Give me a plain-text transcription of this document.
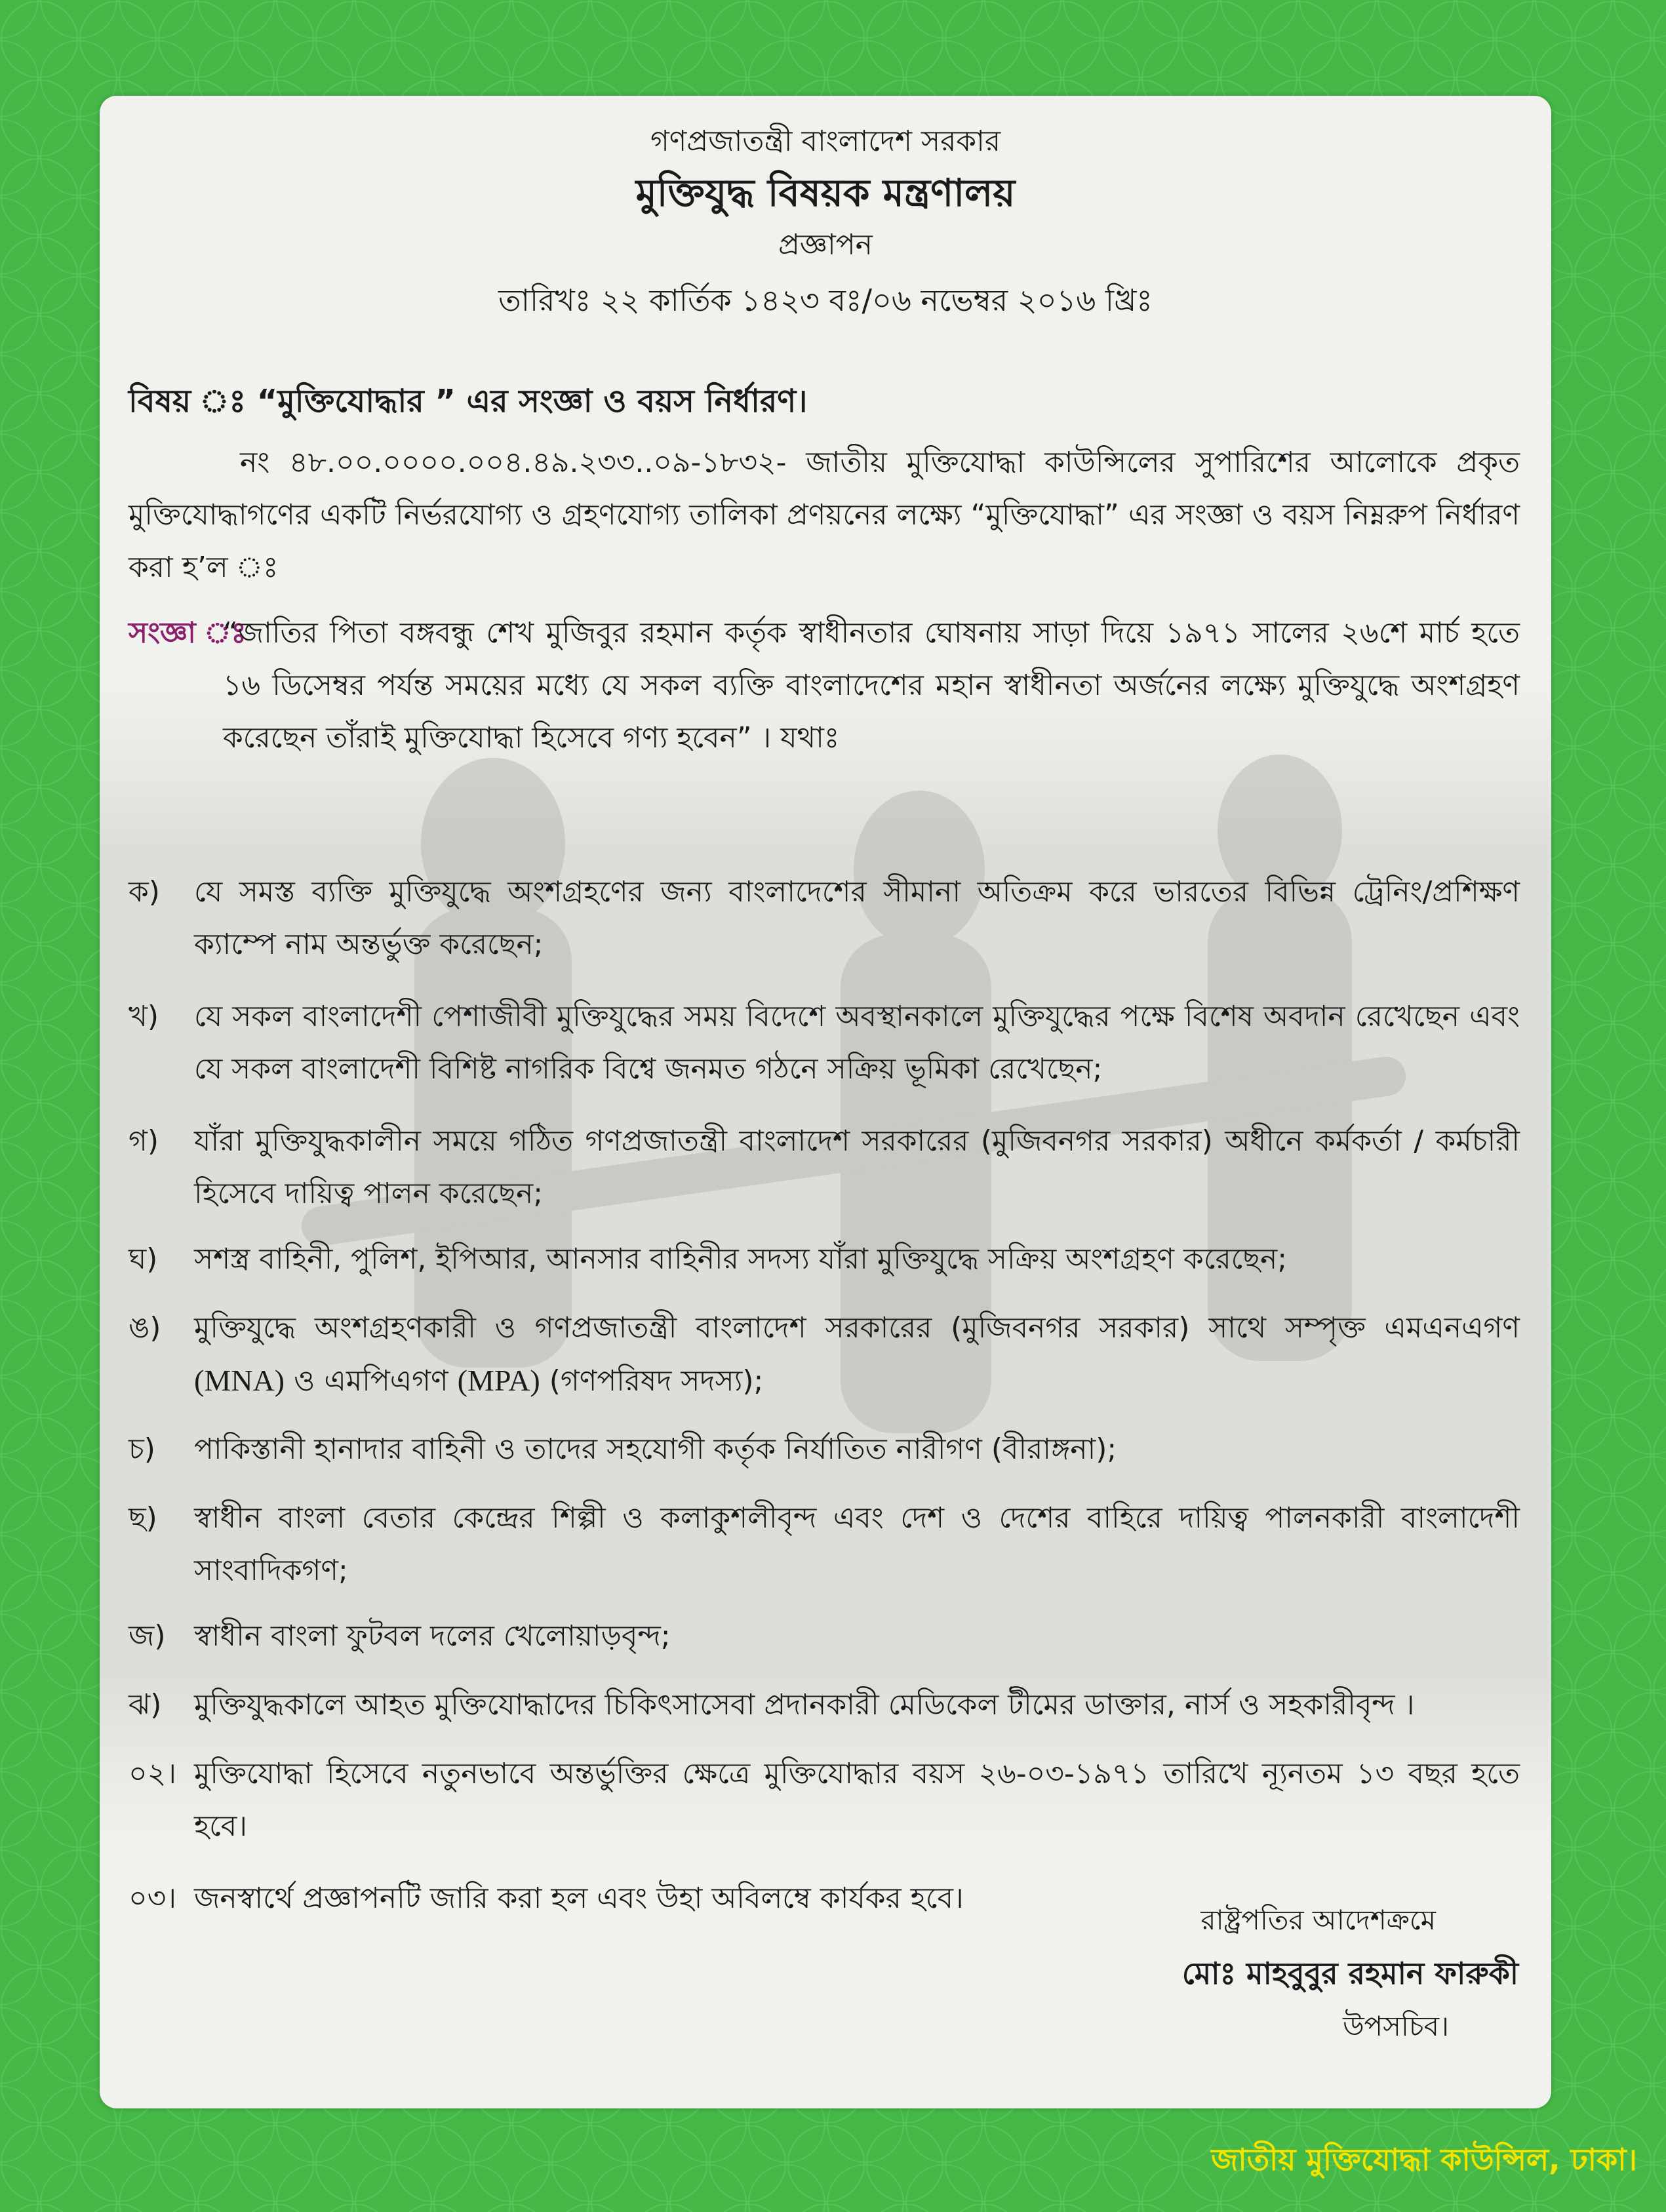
গণপ্রজাতন্ত্রী বাংলাদেশ সরকার
মুক্তিযুদ্ধ বিষয়ক মন্ত্রণালয়
প্রজ্ঞাপন
তারিখঃ ২২ কার্তিক ১৪২৩ বঃ/০৬ নভেম্বর ২০১৬ খ্রিঃ
বিষয় ঃ “মুক্তিযোদ্ধার ” এর সংজ্ঞা ও বয়স নির্ধারণ।
নং ৪৮.০০.০০০০.০০৪.৪৯.২৩৩..০৯-১৮৩২- জাতীয় মুক্তিযোদ্ধা কাউন্সিলের সুপারিশের আলোকে প্রকৃত মুক্তিযোদ্ধাগণের একটি নির্ভরযোগ্য ও গ্রহণযোগ্য তালিকা প্রণয়নের লক্ষ্যে “মুক্তিযোদ্ধা” এর সংজ্ঞা ও বয়স নিম্নরুপ নির্ধারণ করা হ’ল ঃ
সংজ্ঞা ঃ
“জাতির পিতা বঙ্গবন্ধু শেখ মুজিবুর রহমান কর্তৃক স্বাধীনতার ঘোষনায় সাড়া দিয়ে ১৯৭১ সালের ২৬শে মার্চ হতে ১৬ ডিসেম্বর পর্যন্ত সময়ের মধ্যে যে সকল ব্যক্তি বাংলাদেশের মহান স্বাধীনতা অর্জনের লক্ষ্যে মুক্তিযুদ্ধে অংশগ্রহণ করেছেন তাঁরাই মুক্তিযোদ্ধা হিসেবে গণ্য হবেন” । যথাঃ
ক) যে সমস্ত ব্যক্তি মুক্তিযুদ্ধে অংশগ্রহণের জন্য বাংলাদেশের সীমানা অতিক্রম করে ভারতের বিভিন্ন ট্রেনিং/প্রশিক্ষণ ক্যাম্পে নাম অন্তর্ভুক্ত করেছেন;
খ) যে সকল বাংলাদেশী পেশাজীবী মুক্তিযুদ্ধের সময় বিদেশে অবস্থানকালে মুক্তিযুদ্ধের পক্ষে বিশেষ অবদান রেখেছেন এবং যে সকল বাংলাদেশী বিশিষ্ট নাগরিক বিশ্বে জনমত গঠনে সক্রিয় ভূমিকা রেখেছেন;
গ) যাঁরা মুক্তিযুদ্ধকালীন সময়ে গঠিত গণপ্রজাতন্ত্রী বাংলাদেশ সরকারের (মুজিবনগর সরকার) অধীনে কর্মকর্তা / কর্মচারী হিসেবে দায়িত্ব পালন করেছেন;
ঘ) সশস্ত্র বাহিনী, পুলিশ, ইপিআর, আনসার বাহিনীর সদস্য যাঁরা মুক্তিযুদ্ধে সক্রিয় অংশগ্রহণ করেছেন;
ঙ) মুক্তিযুদ্ধে অংশগ্রহণকারী ও গণপ্রজাতন্ত্রী বাংলাদেশ সরকারের (মুজিবনগর সরকার) সাথে সম্পৃক্ত এমএনএগণ (MNA) ও এমপিএগণ (MPA) (গণপরিষদ সদস্য);
চ) পাকিস্তানী হানাদার বাহিনী ও তাদের সহযোগী কর্তৃক নির্যাতিত নারীগণ (বীরাঙ্গনা);
ছ) স্বাধীন বাংলা বেতার কেন্দ্রের শিল্পী ও কলাকুশলীবৃন্দ এবং দেশ ও দেশের বাহিরে দায়িত্ব পালনকারী বাংলাদেশী সাংবাদিকগণ;
জ) স্বাধীন বাংলা ফুটবল দলের খেলোয়াড়বৃন্দ;
ঝ) মুক্তিযুদ্ধকালে আহত মুক্তিযোদ্ধাদের চিকিৎসাসেবা প্রদানকারী মেডিকেল টীমের ডাক্তার, নার্স ও সহকারীবৃন্দ ।
০২। মুক্তিযোদ্ধা হিসেবে নতুনভাবে অন্তর্ভুক্তির ক্ষেত্রে মুক্তিযোদ্ধার বয়স ২৬-০৩-১৯৭১ তারিখে ন্যূনতম ১৩ বছর হতে হবে।
০৩। জনস্বার্থে প্রজ্ঞাপনটি জারি করা হল এবং উহা অবিলম্বে কার্যকর হবে।
রাষ্ট্রপতির আদেশক্রমে
মোঃ মাহবুবুর রহমান ফারুকী
উপসচিব।
জাতীয় মুক্তিযোদ্ধা কাউন্সিল, ঢাকা।
